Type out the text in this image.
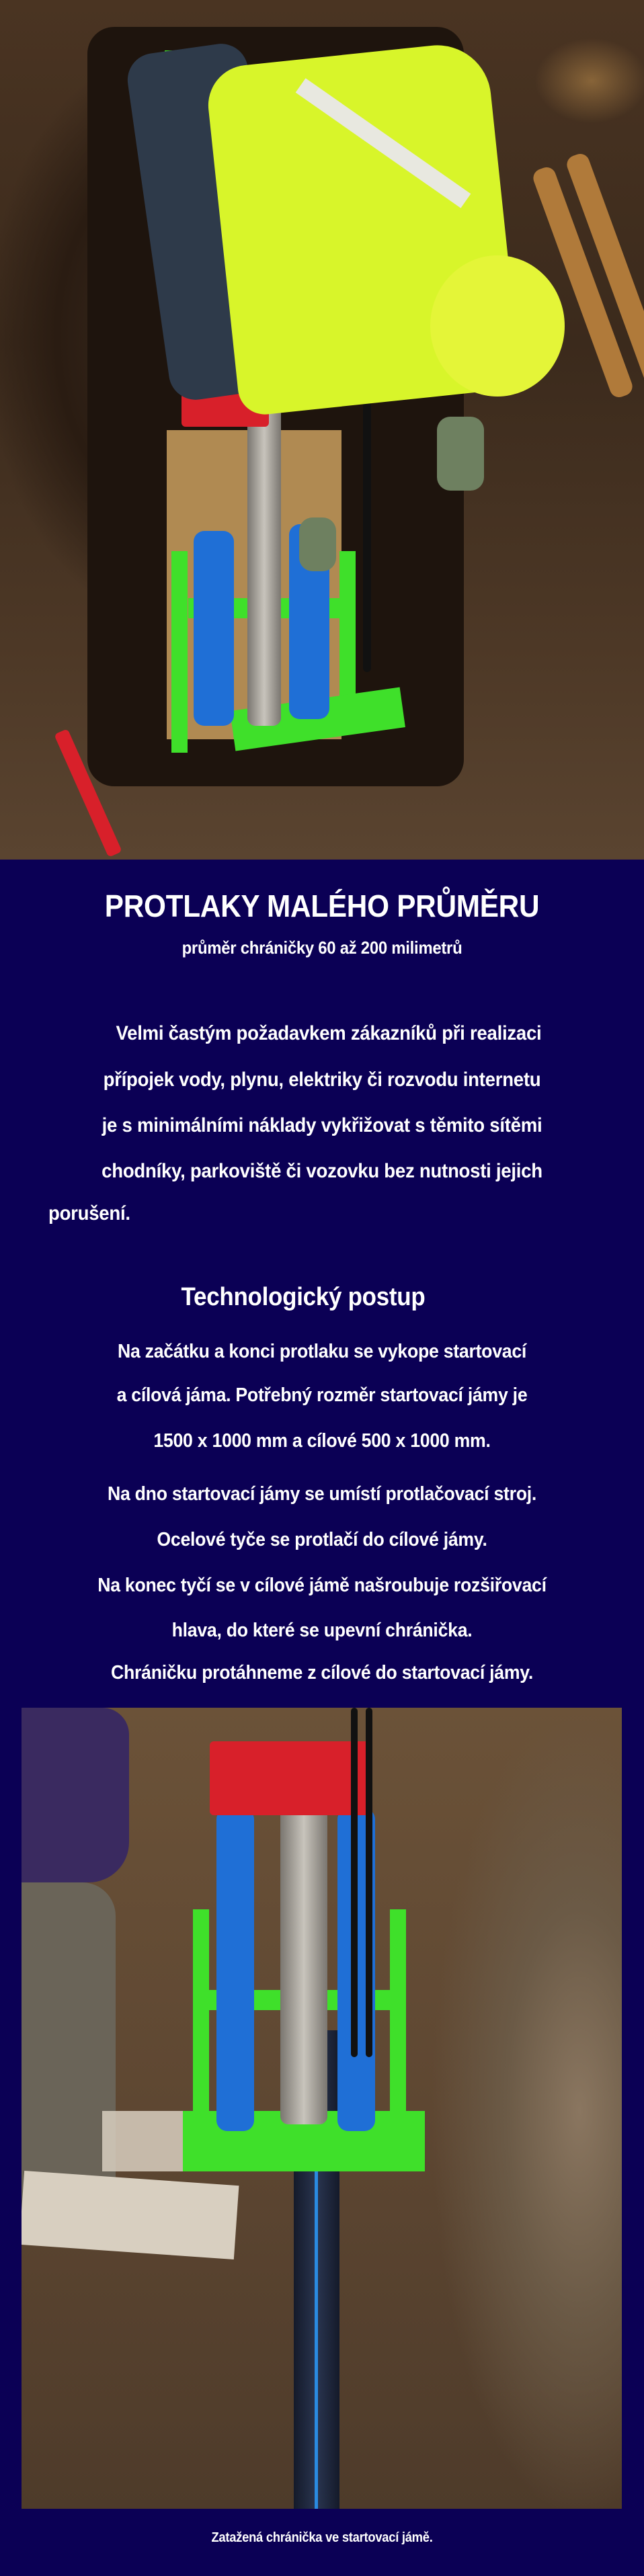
PROTLAKY MALÉHO PRŮMĚRU
průměr chráničky 60 až 200 milimetrů

Velmi častým požadavkem zákazníků při realizaci

přípojek vody, plynu, elektriky či rozvodu internetu

je s minimálními náklady vykřižovat s těmito sítěmi

chodníky, parkoviště či vozovku bez nutnosti jejich

porušení.

Technologický postup

Na začátku a konci protlaku se vykope startovací

a cílová jáma. Potřebný rozměr startovací jámy je

1500 x 1000 mm a cílové 500 x 1000 mm.

Na dno startovací jámy se umístí protlačovací stroj.

Ocelové tyče se protlačí do cílové jámy.

Na konec tyčí se v cílové jámě našroubuje rozšiřovací

hlava, do které se upevní chránička.

Chráničku protáhneme z cílové do startovací jámy.

Zatažená chránička ve startovací jámě.
